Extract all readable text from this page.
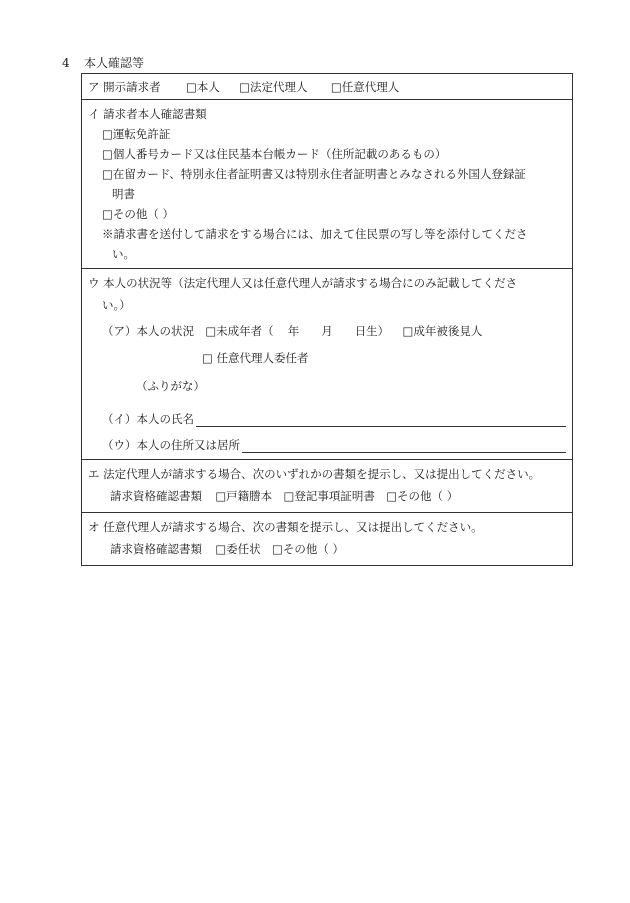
4 本人確認等
ア 開示請求者 □本人 □法定代理人 □任意代理人
イ 請求者本人確認書類
□運転免許証
□個人番号カード又は住民基本台帳カード（住所記載のあるもの）
□在留カード、特別永住者証明書又は特別永住者証明書とみなされる外国人登録証
明書
□その他（ ）
※請求書を送付して請求をする場合には、加えて住民票の写し等を添付してくださ
い。
ウ 本人の状況等（法定代理人又は任意代理人が請求する場合にのみ記載してくださ
い。）
（ア）本人の状況 □未成年者（ 年 月 日生） □成年被後見人
□ 任意代理人委任者
（ふりがな）
（イ）本人の氏名
（ウ）本人の住所又は居所
エ 法定代理人が請求する場合、次のいずれかの書類を提示し、又は提出してください。
請求資格確認書類 □戸籍謄本 □登記事項証明書 □その他（ ）
オ 任意代理人が請求する場合、次の書類を提示し、又は提出してください。
請求資格確認書類 □委任状 □その他（ ）
